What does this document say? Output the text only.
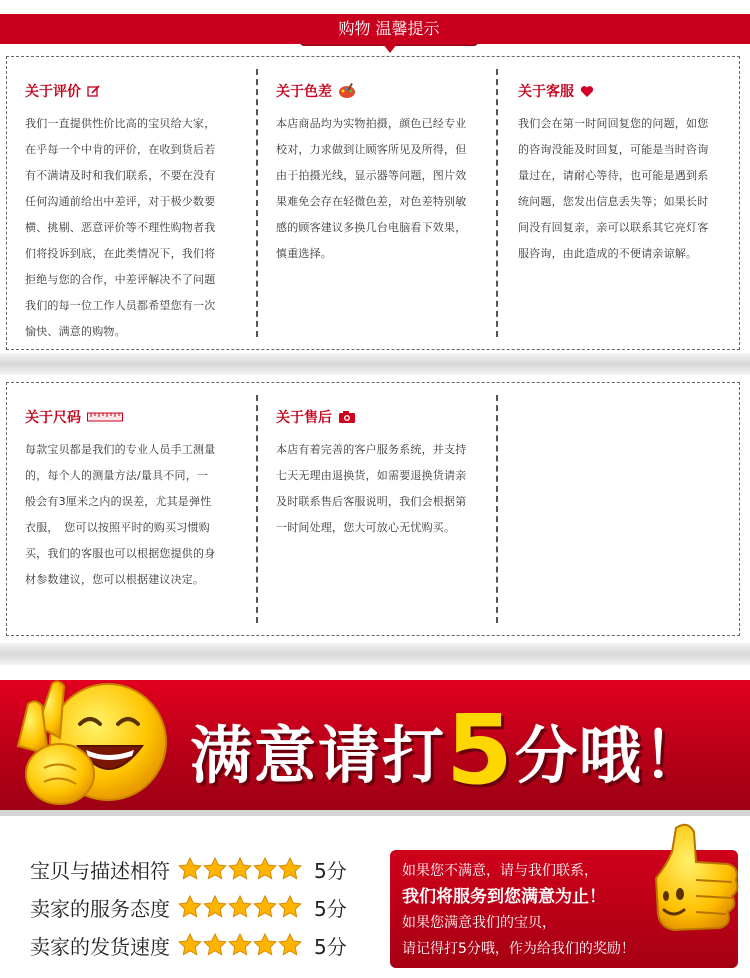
购物 温馨提示
关于评价
我们一直提供性价比高的宝贝给大家，
在乎每一个中肯的评价，在收到货后若
有不满请及时和我们联系，不要在没有
任何沟通前给出中差评，对于极少数要
横、挑剔、恶意评价等不理性购物者我
们将投诉到底，在此类情况下，我们将
拒绝与您的合作，中差评解决不了问题
我们的每一位工作人员都希望您有一次
愉快、满意的购物。
关于色差
本店商品均为实物拍摄，颜色已经专业
校对，力求做到让顾客所见及所得，但
由于拍摄光线，显示器等问题，图片效
果难免会存在轻微色差，对色差特别敏
感的顾客建议多换几台电脑看下效果，
慎重选择。
关于客服
我们会在第一时间回复您的问题，如您
的咨询没能及时回复，可能是当时咨询
量过在，请耐心等待，也可能是遇到系
统问题，您发出信息丢失等；如果长时
间没有回复亲，亲可以联系其它亮灯客
服咨询，由此造成的不便请亲谅解。
关于尺码
每款宝贝都是我们的专业人员手工测量
的，每个人的测量方法/量具不同，一
般会有3厘米之内的误差，尤其是弹性
衣服，　您可以按照平时的购买习惯购
买，我们的客服也可以根据您提供的身
材参数建议，您可以根据建议决定。
关于售后
本店有着完善的客户服务系统，并支持
七天无理由退换货，如需要退换货请亲
及时联系售后客服说明，我们会根据第
一时间处理，您大可放心无忧购买。
满意请打5分哦！
宝贝与描述相符	5分
卖家的服务态度	5分
卖家的发货速度	5分
如果您不满意，请与我们联系，
我们将服务到您满意为止！
如果您满意我们的宝贝，
请记得打5分哦，作为给我们的奖励！
